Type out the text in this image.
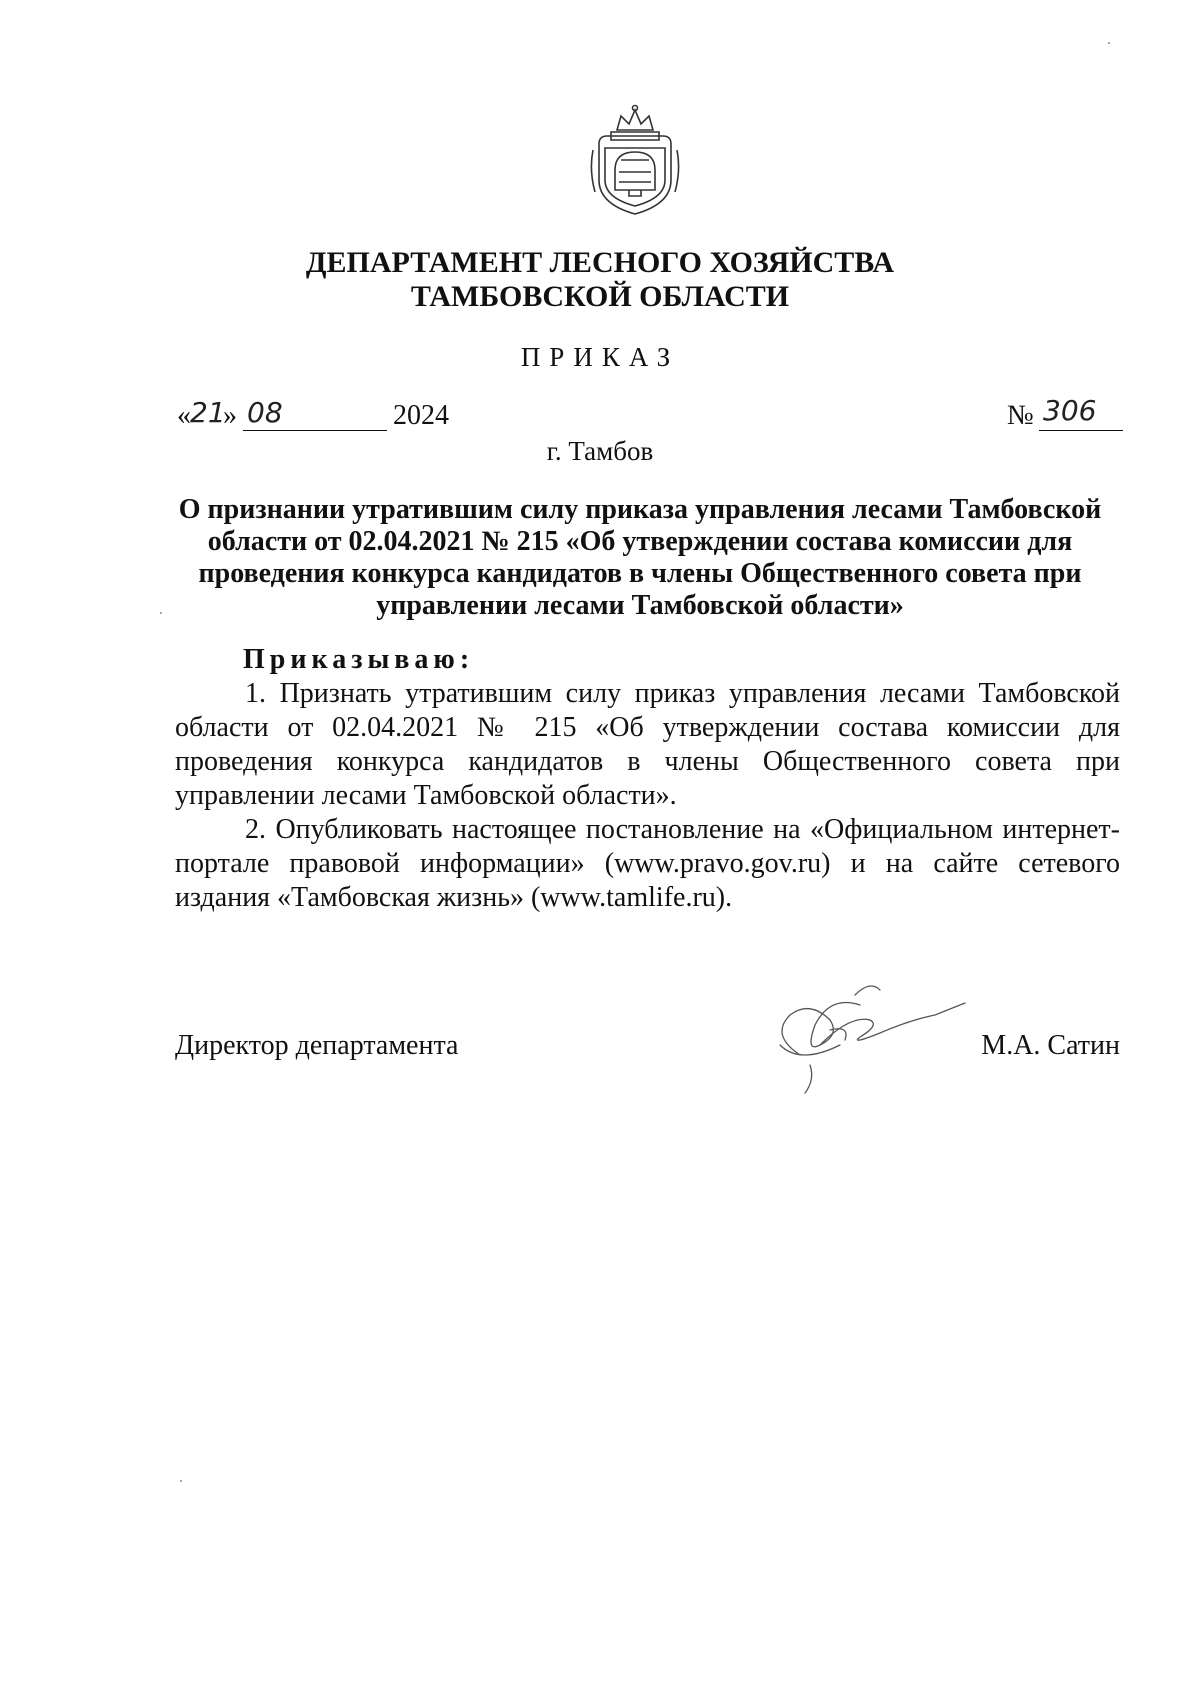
ДЕПАРТАМЕНТ ЛЕСНОГО ХОЗЯЙСТВА
ТАМБОВСКОЙ ОБЛАСТИ
ПРИКАЗ
« 21
» 08	2024	№ 306
г. Тамбов
О признании утратившим силу приказа управления лесами Тамбовской
области от 02.04.2021 № 215 «Об утверждении состава комиссии для
проведения конкурса кандидатов в члены Общественного совета при
управлении лесами Тамбовской области»
Приказываю:

1. Признать утратившим силу приказ управления лесами Тамбовской области от 02.04.2021 № 215 «Об утверждении состава комиссии для проведения конкурса кандидатов в члены Общественного совета при управлении лесами Тамбовской области».

2. Опубликовать настоящее постановление на «Официальном интернет-портале правовой информации» (www.pravo.gov.ru) и на сайте сетевого издания «Тамбовская жизнь» (www.tamlife.ru).

Директор департамента	М.А. Сатин
